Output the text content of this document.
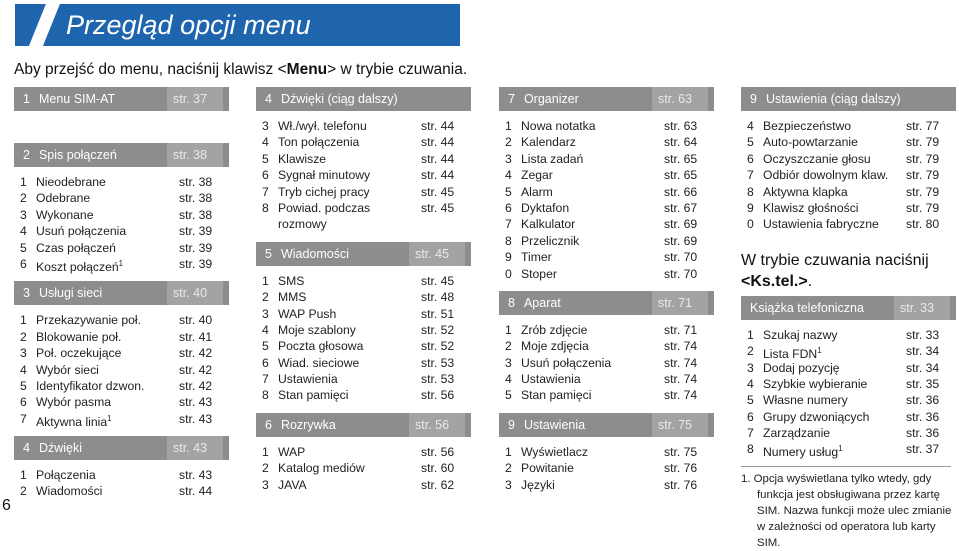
Przegląd opcji menu
Aby przejść do menu, naciśnij klawisz <Menu> w trybie czuwania.
1 Menu SIM-AT	str. 37
2 Spis połączeń	str. 38
1 Nieodebrane	str. 38
2 Odebrane	str. 38
3 Wykonane	str. 38
4 Usuń połączenia	str. 39
5 Czas połączeń	str. 39
6 Koszt połączeń$^1$	str. 39
3 Usługi sieci	str. 40
1 Przekazywanie poł.	str. 40
2 Blokowanie poł.	str. 41
3 Poł. oczekujące	str. 42
4 Wybór sieci	str. 42
5 Identyfikator dzwon.	str. 42
6 Wybór pasma	str. 43
7 Aktywna linia$^1$	str. 43
4 Dźwięki	str. 43
1 Połączenia	str. 43
2 Wiadomości	str. 44
4 Dźwięki (ciąg dalszy)
3 Wł./wył. telefonu	str. 44
4 Ton połączenia	str. 44
5 Klawisze	str. 44
6 Sygnał minutowy	str. 44
7 Tryb cichej pracy	str. 45
8 Powiad. podczas rozmowy
str. 45
5 Wiadomości	str. 45
1 SMS	str. 45
2 MMS	str. 48
3 WAP Push	str. 51
4 Moje szablony	str. 52
5 Poczta głosowa	str. 52
6 Wiad. sieciowe	str. 53
7 Ustawienia	str. 53
8 Stan pamięci	str. 56
6 Rozrywka	str. 56
1 WAP	str. 56
2 Katalog mediów	str. 60
3 JAVA	str. 62
7 Organizer	str. 63
1 Nowa notatka	str. 63
2 Kalendarz	str. 64
3 Lista zadań	str. 65
4 Zegar	str. 65
5 Alarm	str. 66
6 Dyktafon	str. 67
7 Kalkulator	str. 69
8 Przelicznik	str. 69
9 Timer	str. 70
0 Stoper	str. 70
8 Aparat	str. 71
1 Zrób zdjęcie	str. 71
2 Moje zdjęcia	str. 74
3 Usuń połączenia	str. 74
4 Ustawienia	str. 74
5 Stan pamięci	str. 74
9 Ustawienia	str. 75
1 Wyświetlacz	str. 75
2 Powitanie	str. 76
3 Języki	str. 76
9 Ustawienia (ciąg dalszy)
4 Bezpieczeństwo	str. 77
5 Auto-powtarzanie	str. 79
6 Oczyszczanie głosu	str. 79
7 Odbiór dowolnym klaw.	str. 79
8 Aktywna klapka	str. 79
9 Klawisz głośności	str. 79
0 Ustawienia fabryczne	str. 80
W trybie czuwania naciśnij
<Ks.tel.>.
Książka telefoniczna	str. 33
1 Szukaj nazwy	str. 33
2 Lista FDN$^1$	str. 34
3 Dodaj pozycję	str. 34
4 Szybkie wybieranie	str. 35
5 Własne numery	str. 36
6 Grupy dzwoniących	str. 36
7 Zarządzanie	str. 36
8 Numery usług$^1$	str. 37
1. Opcja wyświetlana tylko wtedy, gdy funkcja jest obsługiwana przez kartę SIM. Nazwa funkcji może ulec zmianie w zależności od operatora lub karty SIM.
6
